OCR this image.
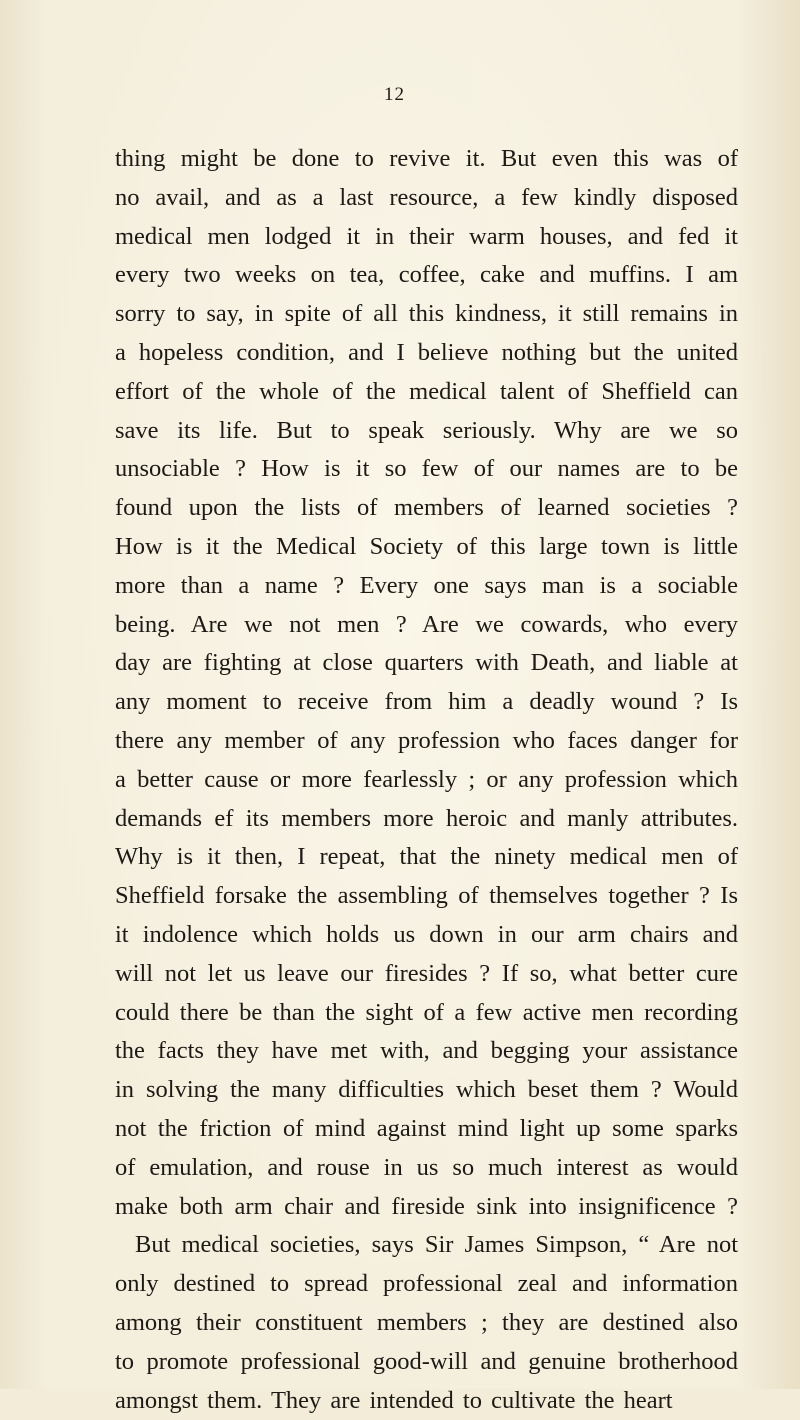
12
thing might be done to revive it. But even this was of
no avail, and as a last resource, a few kindly disposed
medical men lodged it in their warm houses, and fed it
every two weeks on tea, coffee, cake and muffins. I am
sorry to say, in spite of all this kindness, it still remains in
a hopeless condition, and I believe nothing but the united
effort of the whole of the medical talent of Sheffield can
save its life. But to speak seriously. Why are we so
unsociable ? How is it so few of our names are to be
found upon the lists of members of learned societies ?
How is it the Medical Society of this large town is little
more than a name ? Every one says man is a sociable
being. Are we not men ? Are we cowards, who every
day are fighting at close quarters with Death, and liable at
any moment to receive from him a deadly wound ? Is
there any member of any profession who faces danger for
a better cause or more fearlessly ; or any profession which
demands ef its members more heroic and manly attributes.
Why is it then, I repeat, that the ninety medical men of
Sheffield forsake the assembling of themselves together ? Is
it indolence which holds us down in our arm chairs and
will not let us leave our firesides ? If so, what better cure
could there be than the sight of a few active men recording
the facts they have met with, and begging your assistance
in solving the many difficulties which beset them ? Would
not the friction of mind against mind light up some sparks
of emulation, and rouse in us so much interest as would
make both arm chair and fireside sink into insignificence ?
But medical societies, says Sir James Simpson, “ Are not
only destined to spread professional zeal and information
among their constituent members ; they are destined also
to promote professional good-will and genuine brotherhood
amongst them. They are intended to cultivate the heart
